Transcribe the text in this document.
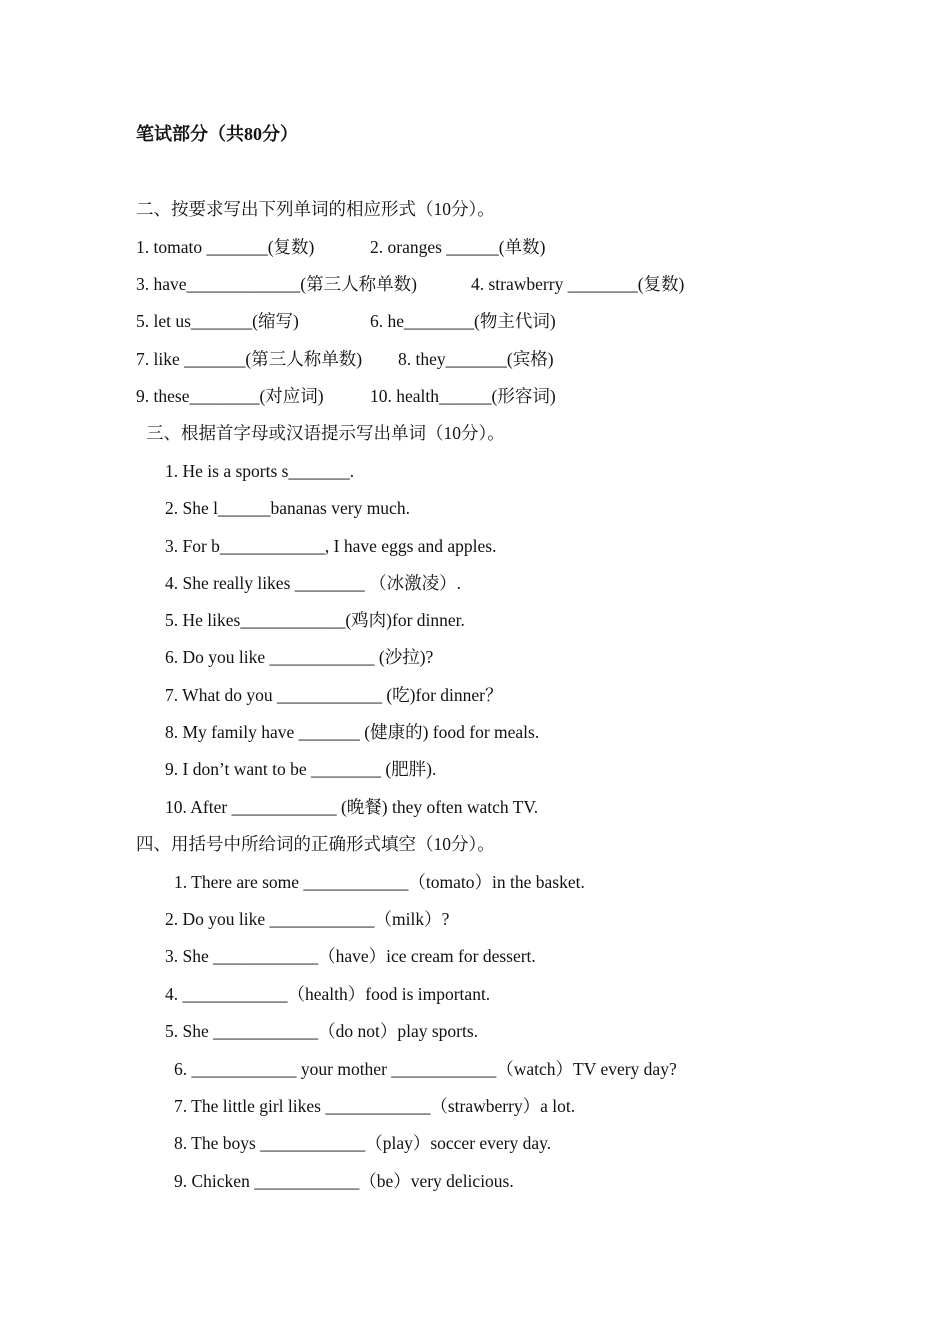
笔试部分（共80分）
二、按要求写出下列单词的相应形式（10分）。
1. tomato _______(复数)	2. oranges ______(单数)
3. have_____________(第三人称单数)	4. strawberry ________(复数)
5. let us_______(缩写)	6. he________(物主代词)
7. like _______(第三人称单数) 8. they_______(宾格)
9. these________(对应词)	10. health______(形容词)
三、根据首字母或汉语提示写出单词（10分）。
1. He is a sports s_______.
2. She l______bananas very much.
3. For b____________, I have eggs and apples.
4. She really likes ________ （冰激凌）.
5. He likes____________(鸡肉)for dinner.
6. Do you like ____________ (沙拉)?
7. What do you ____________ (吃)for dinner？
8. My family have _______ (健康的) food for meals.
9. I don’t want to be ________ (肥胖).
10. After ____________ (晚餐) they often watch TV.
四、用括号中所给词的正确形式填空（10分）。
1. There are some ____________（tomato）in the basket.
2. Do you like ____________（milk）?
3. She ____________（have）ice cream for dessert.
4. ____________（health）food is important.
5. She ____________（do not）play sports.
6. ____________ your mother ____________（watch）TV every day?
7. The little girl likes ____________（strawberry）a lot.
8. The boys ____________（play）soccer every day.
9. Chicken ____________（be）very delicious.
